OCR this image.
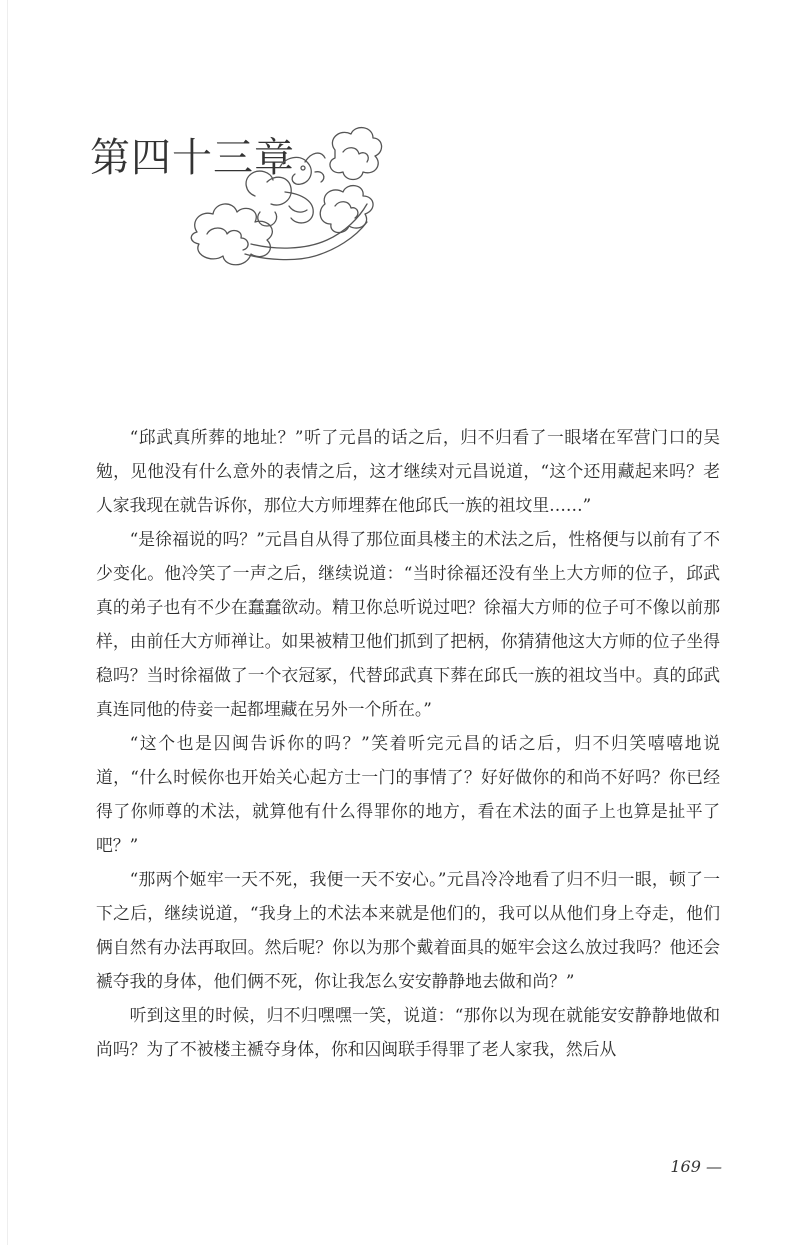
第四十三章

“邱武真所葬的地址？”听了元昌的话之后，归不归看了一眼堵在军营门口的吴勉，见他没有什么意外的表情之后，这才继续对元昌说道，“这个还用藏起来吗？老人家我现在就告诉你，那位大方师埋葬在他邱氏一族的祖坟里……”

“是徐福说的吗？”元昌自从得了那位面具楼主的术法之后，性格便与以前有了不少变化。他冷笑了一声之后，继续说道：“当时徐福还没有坐上大方师的位子，邱武真的弟子也有不少在蠢蠢欲动。精卫你总听说过吧？徐福大方师的位子可不像以前那样，由前任大方师禅让。如果被精卫他们抓到了把柄，你猜猜他这大方师的位子坐得稳吗？当时徐福做了一个衣冠冢，代替邱武真下葬在邱氏一族的祖坟当中。真的邱武真连同他的侍妾一起都埋藏在另外一个所在。”

“这个也是囚闽告诉你的吗？”笑着听完元昌的话之后，归不归笑嘻嘻地说道，“什么时候你也开始关心起方士一门的事情了？好好做你的和尚不好吗？你已经得了你师尊的术法，就算他有什么得罪你的地方，看在术法的面子上也算是扯平了吧？”

“那两个姬牢一天不死，我便一天不安心。”元昌冷冷地看了归不归一眼，顿了一下之后，继续说道，“我身上的术法本来就是他们的，我可以从他们身上夺走，他们俩自然有办法再取回。然后呢？你以为那个戴着面具的姬牢会这么放过我吗？他还会褫夺我的身体，他们俩不死，你让我怎么安安静静地去做和尚？”

听到这里的时候，归不归嘿嘿一笑，说道：“那你以为现在就能安安静静地做和尚吗？为了不被楼主褫夺身体，你和囚闽联手得罪了老人家我，然后从

169 —
